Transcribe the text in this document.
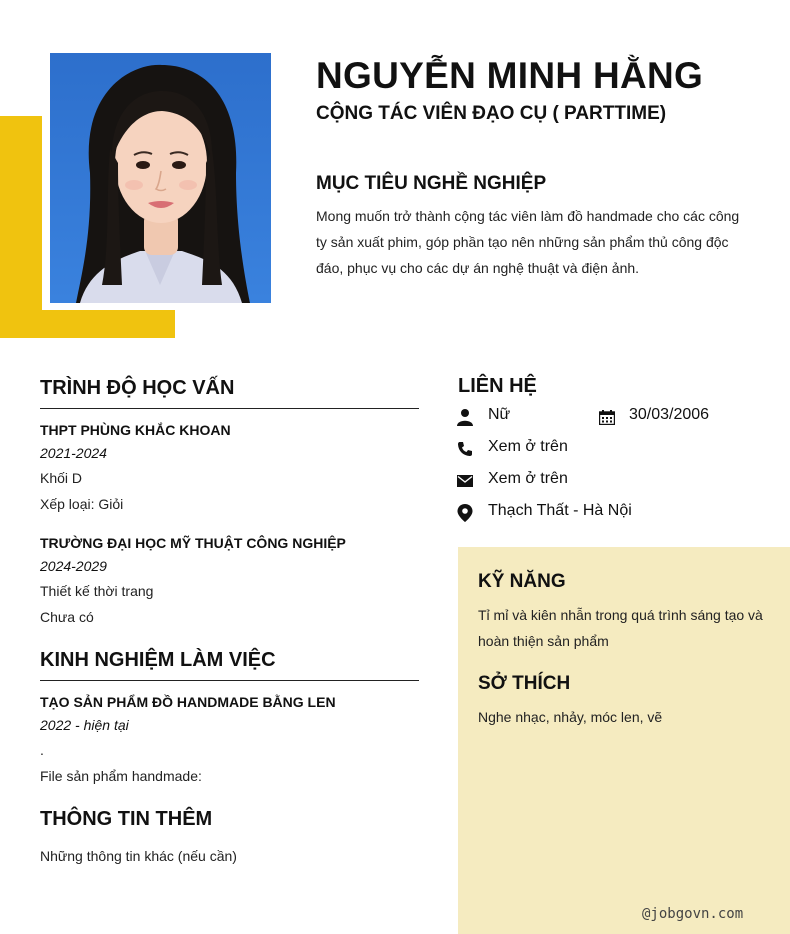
NGUYỄN MINH HẰNG
CỘNG TÁC VIÊN ĐẠO CỤ ( PARTTIME)
MỤC TIÊU NGHỀ NGHIỆP
Mong muốn trở thành cộng tác viên làm đồ handmade cho các công ty sản xuất phim, góp phần tạo nên những sản phẩm thủ công độc đáo, phục vụ cho các dự án nghệ thuật và điện ảnh.
TRÌNH ĐỘ HỌC VẤN
THPT PHÙNG KHẮC KHOAN
2021-2024
Khối D
Xếp loại: Giỏi
TRƯỜNG ĐẠI HỌC MỸ THUẬT CÔNG NGHIỆP
2024-2029
Thiết kế thời trang
Chưa có
KINH NGHIỆM LÀM VIỆC
TẠO SẢN PHẨM ĐỒ HANDMADE BẰNG LEN
2022 - hiện tại
.
File sản phẩm handmade:
THÔNG TIN THÊM
Những thông tin khác (nếu cần)
LIÊN HỆ
Nữ	30/03/2006
Xem ở trên
Xem ở trên
Thạch Thất - Hà Nội
KỸ NĂNG
Tỉ mỉ và kiên nhẫn trong quá trình sáng tạo và hoàn thiện sản phẩm
SỞ THÍCH
Nghe nhạc, nhảy, móc len, vẽ
@jobgovn.com
